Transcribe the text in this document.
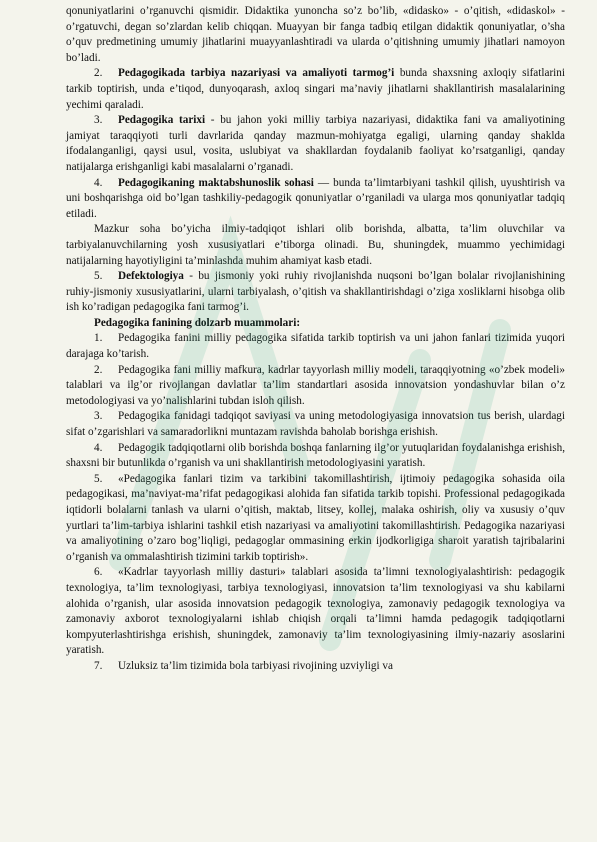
qonuniyatlarini o’rganuvchi qismidir. Didaktika yunoncha so’z bo’lib, «didasko» - o’qitish, «didaskol» - o’rgatuvchi, degan so’zlardan kelib chiqqan. Muayyan bir fanga tadbiq etilgan didaktik qonuniyatlar, o’sha o’quv predmetining umumiy jihatlarini muayyanlashtiradi va ularda o’qitishning umumiy jihatlari namoyon bo’ladi.

2. Pedagogikada tarbiya nazariyasi va amaliyoti tarmog’i bunda shaxsning axloqiy sifatlarini tarkib toptirish, unda e’tiqod, dunyoqarash, axloq singari ma’naviy jihatlarni shakllantirish masalalarining yechimi qaraladi.

3. Pedagogika tarixi - bu jahon yoki milliy tarbiya nazariyasi, didaktika fani va amaliyotining jamiyat taraqqiyoti turli davrlarida qanday mazmun-mohiyatga egaligi, ularning qanday shaklda ifodalanganligi, qaysi usul, vosita, uslubiyat va shakllardan foydalanib faoliyat ko’rsatganligi, qanday natijalarga erishganligi kabi masalalarni o’rganadi.

4. Pedagogikaning maktabshunoslik sohasi — bunda ta’limtarbiyani tashkil qilish, uyushtirish va uni boshqarishga oid bo’lgan tashkiliy-pedagogik qonuniyatlar o’rganiladi va ularga mos qonuniyatlar tadqiq etiladi.

Mazkur soha bo’yicha ilmiy-tadqiqot ishlari olib borishda, albatta, ta’lim oluvchilar va tarbiyalanuvchilarning yosh xususiyatlari e’tiborga olinadi. Bu, shuningdek, muammo yechimidagi natijalarning hayotiyligini ta’minlashda muhim ahamiyat kasb etadi.

5. Defektologiya - bu jismoniy yoki ruhiy rivojlanishda nuqsoni bo’lgan bolalar rivojlanishining ruhiy-jismoniy xususiyatlarini, ularni tarbiyalash, o’qitish va shakllantirishdagi o’ziga xosliklarni hisobga olib ish ko’radigan pedagogika fani tarmog’i.

Pedagogika fanining dolzarb muammolari:

1. Pedagogika fanini milliy pedagogika sifatida tarkib toptirish va uni jahon fanlari tizimida yuqori darajaga ko’tarish.

2. Pedagogika fani milliy mafkura, kadrlar tayyorlash milliy modeli, taraqqiyotning «o’zbek modeli» talablari va ilg’or rivojlangan davlatlar ta’lim standartlari asosida innovatsion yondashuvlar bilan o’z metodologiyasi va yo’nalishlarini tubdan isloh qilish.

3. Pedagogika fanidagi tadqiqot saviyasi va uning metodologiyasiga innovatsion tus berish, ulardagi sifat o’zgarishlari va samaradorlikni muntazam ravishda baholab borishga erishish.

4. Pedagogik tadqiqotlarni olib borishda boshqa fanlarning ilg’or yutuqlaridan foydalanishga erishish, shaxsni bir butunlikda o’rganish va uni shakllantirish metodologiyasini yaratish.

5. «Pedagogika fanlari tizim va tarkibini takomillashtirish, ijtimoiy pedagogika sohasida oila pedagogikasi, ma’naviyat-ma’rifat pedagogikasi alohida fan sifatida tarkib topishi. Professional pedagogikada iqtidorli bolalarni tanlash va ularni o’qitish, maktab, litsey, kollej, malaka oshirish, oliy va xususiy o’quv yurtlari ta’lim-tarbiya ishlarini tashkil etish nazariyasi va amaliyotini takomillashtirish. Pedagogika nazariyasi va amaliyotining o’zaro bog’liqligi, pedagoglar ommasining erkin ijodkorligiga sharoit yaratish tajribalarini o’rganish va ommalashtirish tizimini tarkib toptirish».

6. «Kadrlar tayyorlash milliy dasturi» talablari asosida ta’limni texnologiyalashtirish: pedagogik texnologiya, ta’lim texnologiyasi, tarbiya texnologiyasi, innovatsion ta’lim texnologiyasi va shu kabilarni alohida o’rganish, ular asosida innovatsion pedagogik texnologiya, zamonaviy pedagogik texnologiya va zamonaviy axborot texnologiyalarni ishlab chiqish orqali ta’limni hamda pedagogik tadqiqotlarni kompyuterlashtirishga erishish, shuningdek, zamonaviy ta’lim texnologiyasining ilmiy-nazariy asoslarini yaratish.

7. Uzluksiz ta’lim tizimida bola tarbiyasi rivojining uzviyligi va
